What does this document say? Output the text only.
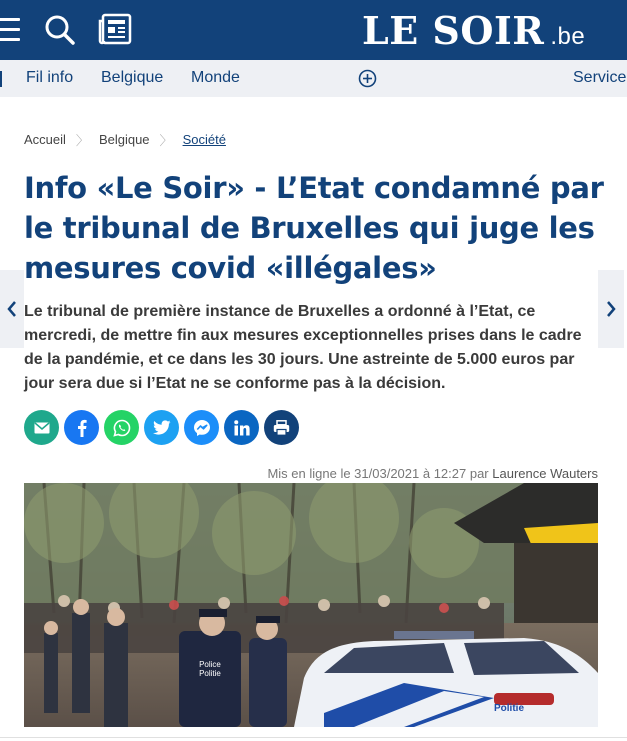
LE SOIR .be
Fil info Belgique Monde	Service
Accueil 〉 Belgique 〉 Société
Info «Le Soir» - L’Etat condamné par le tribunal de Bruxelles qui juge les mesures covid «illégales»

Le tribunal de première instance de Bruxelles a ordonné à l’Etat, ce mercredi, de mettre fin aux mesures exceptionnelles prises dans le cadre de la pandémie, et ce dans les 30 jours. Une astreinte de 5.000 euros par jour sera due si l’Etat ne se conforme pas à la décision.

Mis en ligne le 31/03/2021 à 12:27 par Laurence Wauters
Police
Politie
Politie
